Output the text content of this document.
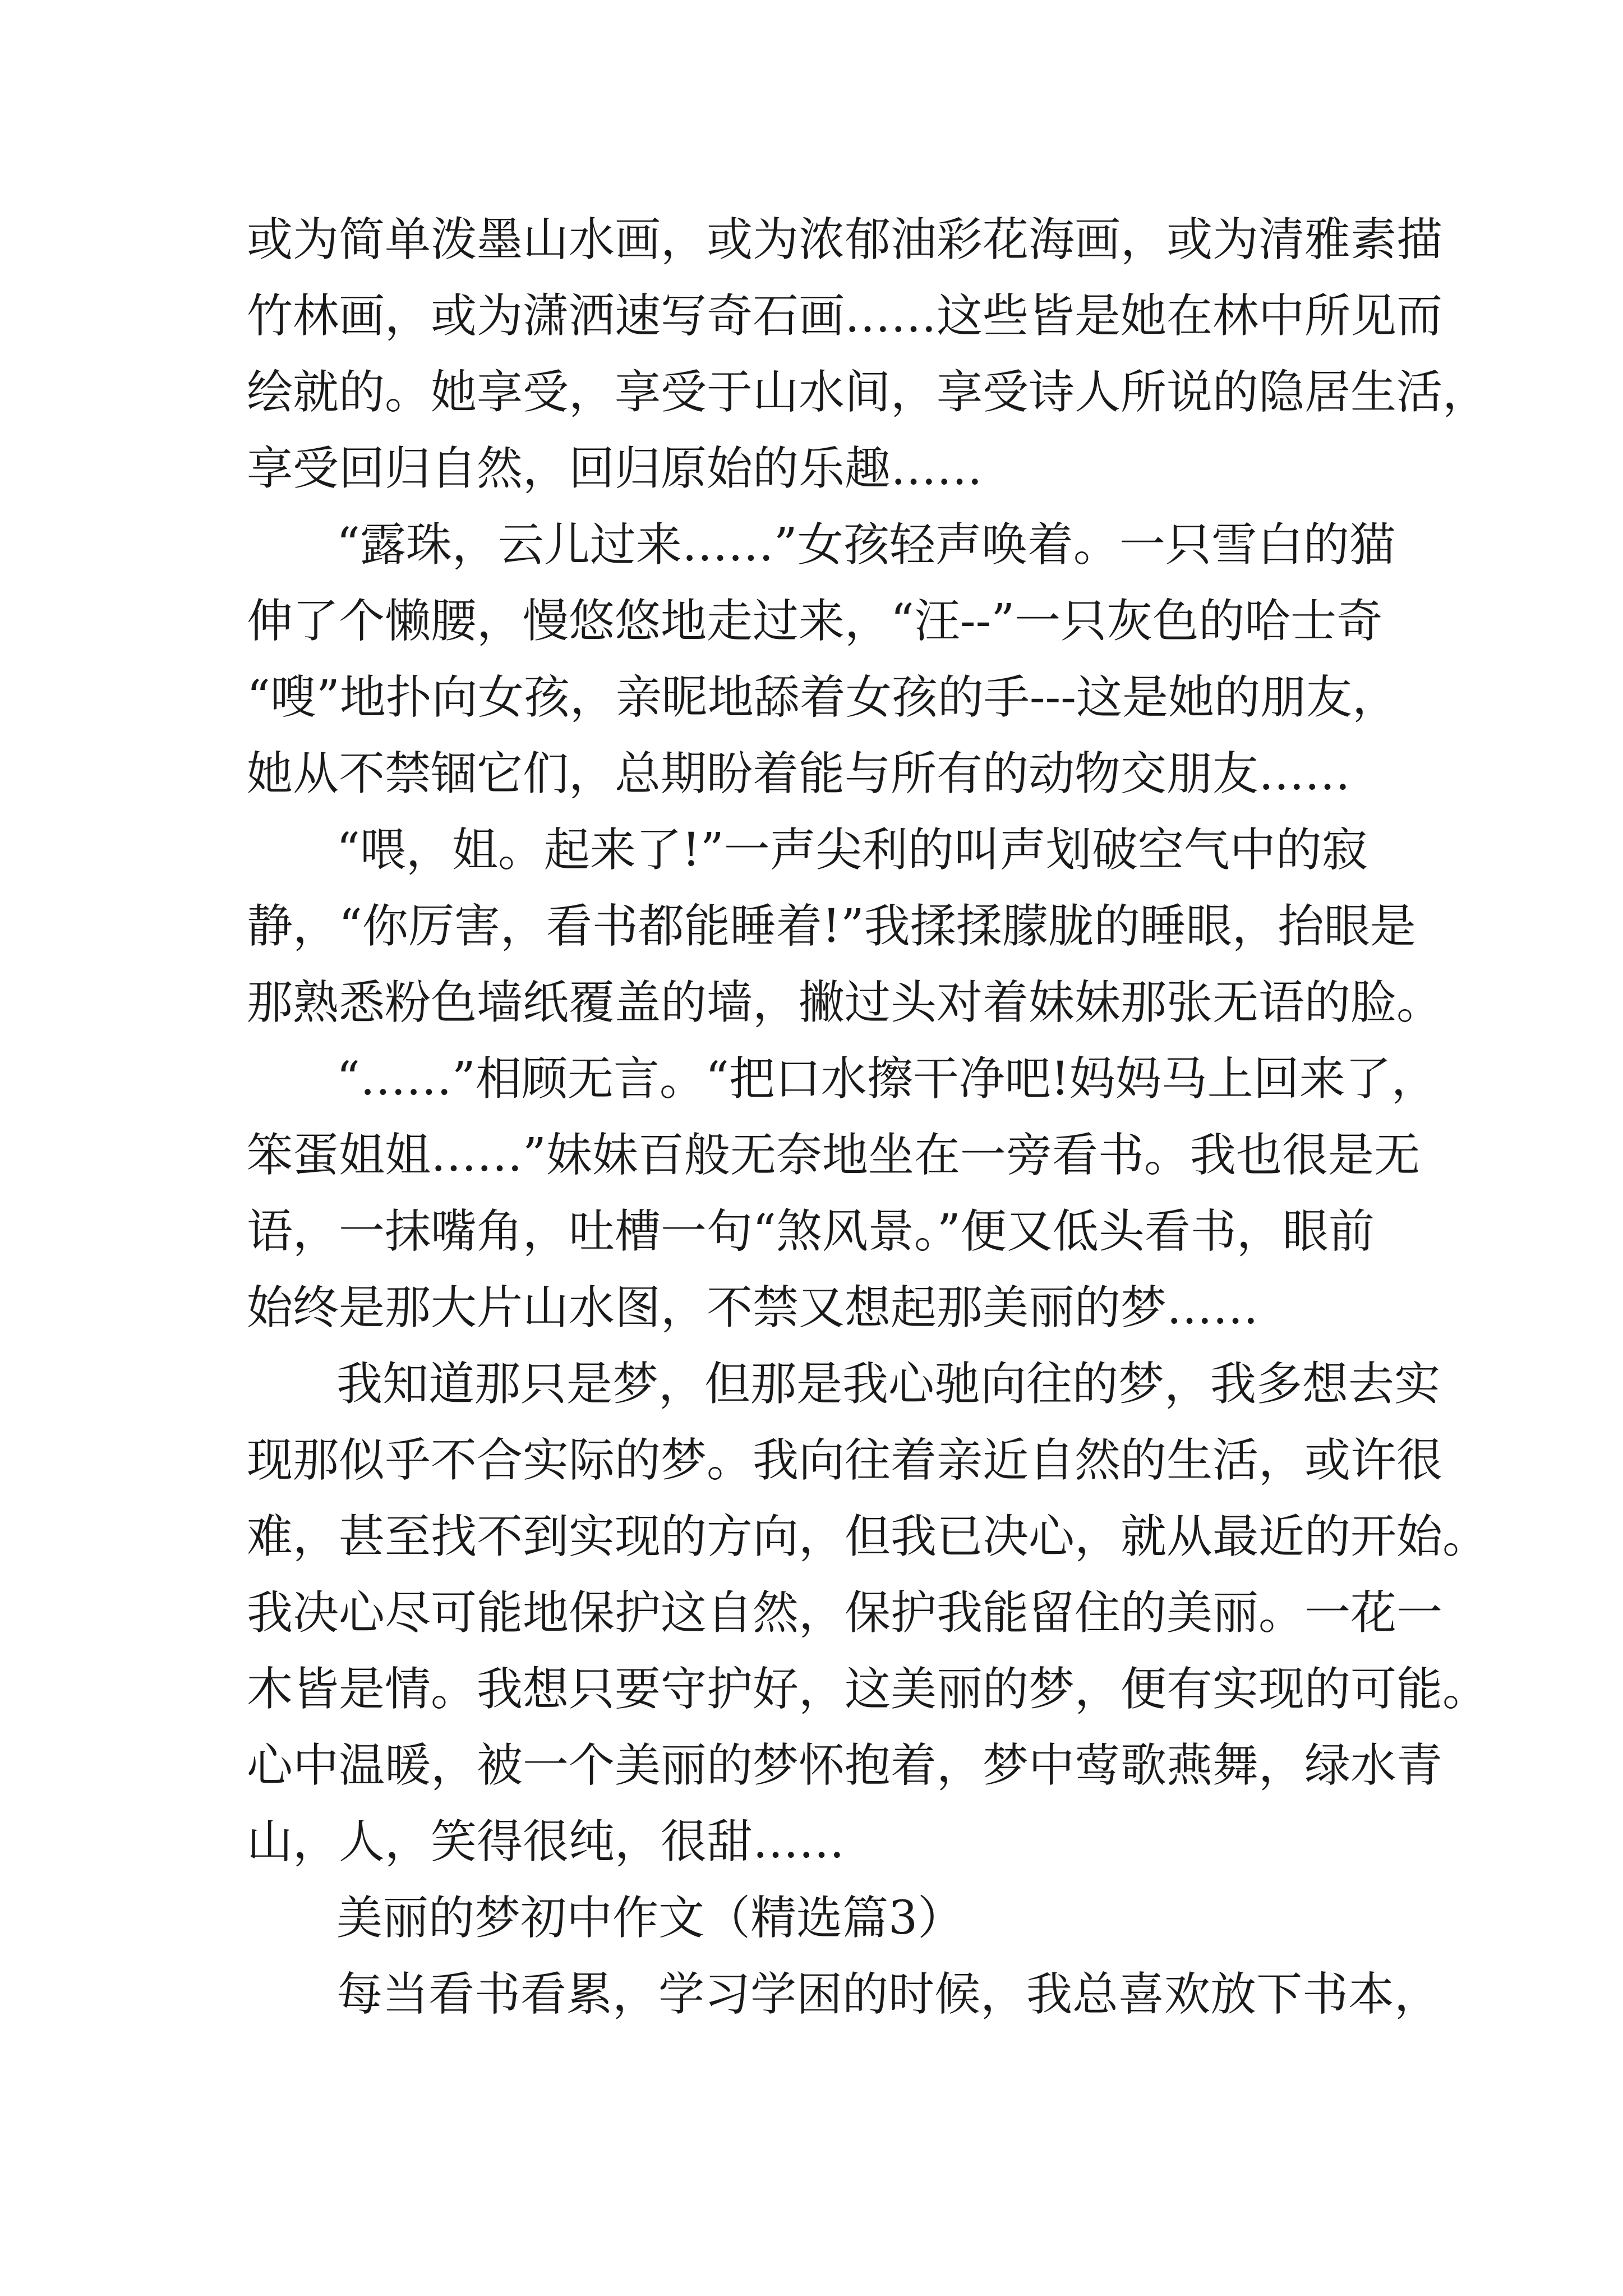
或为简单泼墨山水画，或为浓郁油彩花海画，或为清雅素描
竹林画，或为潇洒速写奇石画……这些皆是她在林中所见而
绘就的。她享受，享受于山水间，享受诗人所说的隐居生活，
享受回归自然，回归原始的乐趣……
“露珠，云儿过来……”女孩轻声唤着。一只雪白的猫
伸了个懒腰，慢悠悠地走过来，“汪--”一只灰色的哈士奇
“嗖”地扑向女孩，亲昵地舔着女孩的手---这是她的朋友，
她从不禁锢它们，总期盼着能与所有的动物交朋友……
“喂，姐。起来了!”一声尖利的叫声划破空气中的寂
静，“你厉害，看书都能睡着!”我揉揉朦胧的睡眼，抬眼是
那熟悉粉色墙纸覆盖的墙，撇过头对着妹妹那张无语的脸。
“……”相顾无言。“把口水擦干净吧!妈妈马上回来了，
笨蛋姐姐……”妹妹百般无奈地坐在一旁看书。我也很是无
语，一抹嘴角，吐槽一句“煞风景。”便又低头看书，眼前
始终是那大片山水图，不禁又想起那美丽的梦……
我知道那只是梦，但那是我心驰向往的梦，我多想去实
现那似乎不合实际的梦。我向往着亲近自然的生活，或许很
难，甚至找不到实现的方向，但我已决心，就从最近的开始。
我决心尽可能地保护这自然，保护我能留住的美丽。一花一
木皆是情。我想只要守护好，这美丽的梦，便有实现的可能。
心中温暖，被一个美丽的梦怀抱着，梦中莺歌燕舞，绿水青
山，人，笑得很纯，很甜……
美丽的梦初中作文（精选篇3）
每当看书看累，学习学困的时候，我总喜欢放下书本，
